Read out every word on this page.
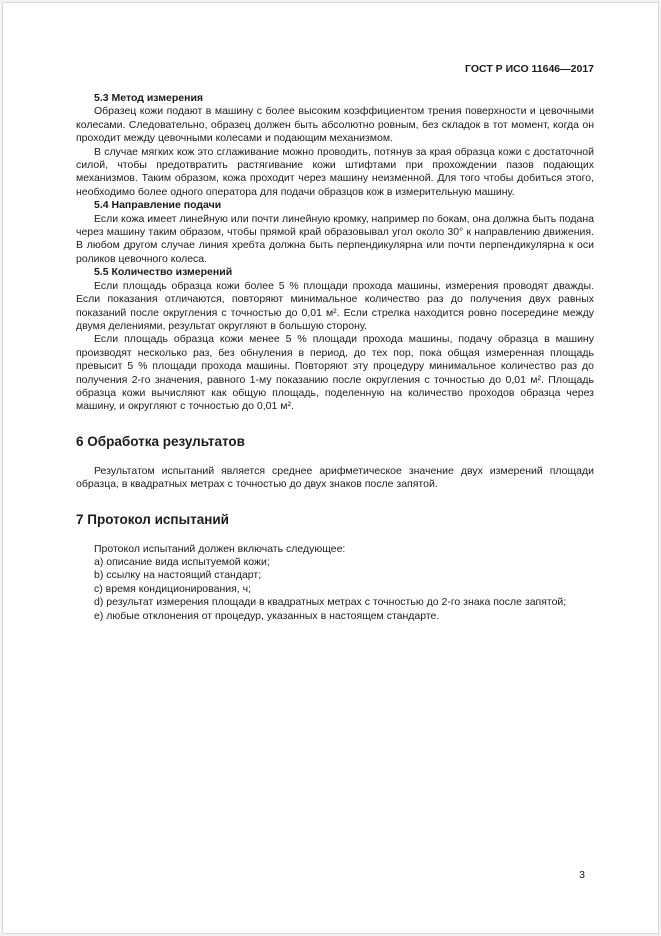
ГОСТ Р ИСО 11646—2017
5.3 Метод измерения

Образец кожи подают в машину с более высоким коэффициентом трения поверхности и цевочными колесами. Следовательно, образец должен быть абсолютно ровным, без складок в тот момент, когда он проходит между цевочными колесами и подающим механизмом.

В случае мягких кож это сглаживание можно проводить, потянув за края образца кожи с достаточной силой, чтобы предотвратить растягивание кожи штифтами при прохождении пазов подающих механизмов. Таким образом, кожа проходит через машину неизменной. Для того чтобы добиться этого, необходимо более одного оператора для подачи образцов кож в измерительную машину.

5.4 Направление подачи

Если кожа имеет линейную или почти линейную кромку, например по бокам, она должна быть подана через машину таким образом, чтобы прямой край образовывал угол около 30° к направлению движения. В любом другом случае линия хребта должна быть перпендикулярна или почти перпендикулярна к оси роликов цевочного колеса.

5.5 Количество измерений

Если площадь образца кожи более 5 % площади прохода машины, измерения проводят дважды. Если показания отличаются, повторяют минимальное количество раз до получения двух равных показаний после округления с точностью до 0,01 м². Если стрелка находится ровно посередине между двумя делениями, результат округляют в большую сторону.

Если площадь образца кожи менее 5 % площади прохода машины, подачу образца в машину производят несколько раз, без обнуления в период, до тех пор, пока общая измеренная площадь превысит 5 % площади прохода машины. Повторяют эту процедуру минимальное количество раз до получения 2-го значения, равного 1-му показанию после округления с точностью до 0,01 м². Площадь образца кожи вычисляют как общую площадь, поделенную на количество проходов образца через машину, и округляют с точностью до 0,01 м².

6 Обработка результатов

Результатом испытаний является среднее арифметическое значение двух измерений площади образца, в квадратных метрах с точностью до двух знаков после запятой.

7 Протокол испытаний

Протокол испытаний должен включать следующее:

a) описание вида испытуемой кожи;
b) ссылку на настоящий стандарт;
c) время кондиционирования, ч;
d) результат измерения площади в квадратных метрах с точностью до 2-го знака после запятой;
e) любые отклонения от процедур, указанных в настоящем стандарте.
3
